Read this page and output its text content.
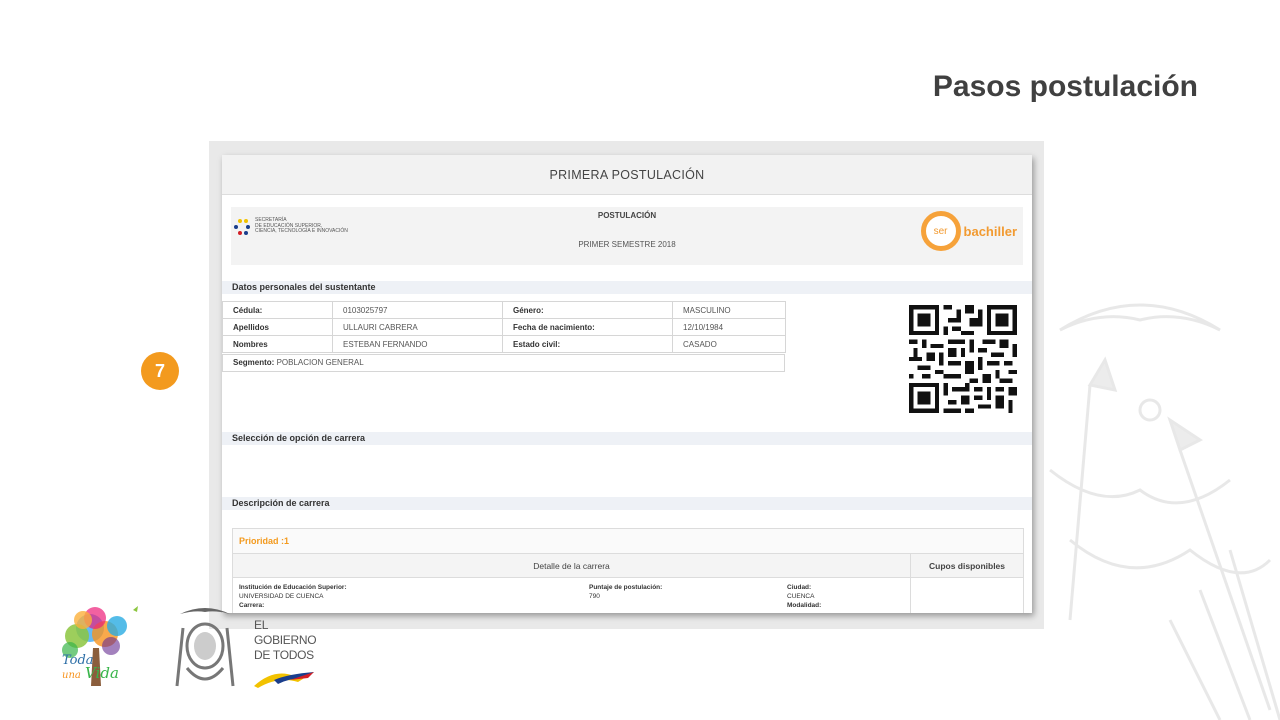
Pasos postulación
7
PRIMERA POSTULACIÓN
SECRETARÍA
DE EDUCACIÓN SUPERIOR,
CIENCIA, TECNOLOGÍA E INNOVACIÓN
POSTULACIÓN
PRIMER SEMESTRE 2018
ser	bachiller
Datos personales del sustentante
Cédula:	0103025797	Género:	MASCULINO
Apellidos	ULLAURI CABRERA	Fecha de nacimiento:	12/10/1984
Nombres	ESTEBAN FERNANDO	Estado civil:	CASADO
Segmento: POBLACION GENERAL
Selección de opción de carrera
Descripción de carrera
Prioridad :1
Detalle de la carrera	Cupos disponibles
Institución de Educación Superior:
UNIVERSIDAD DE CUENCA
Carrera:
Puntaje de postulación:
790
Ciudad:
CUENCA
Modalidad:
Toda
una Vida
EL
GOBIERNO
DE TODOS
